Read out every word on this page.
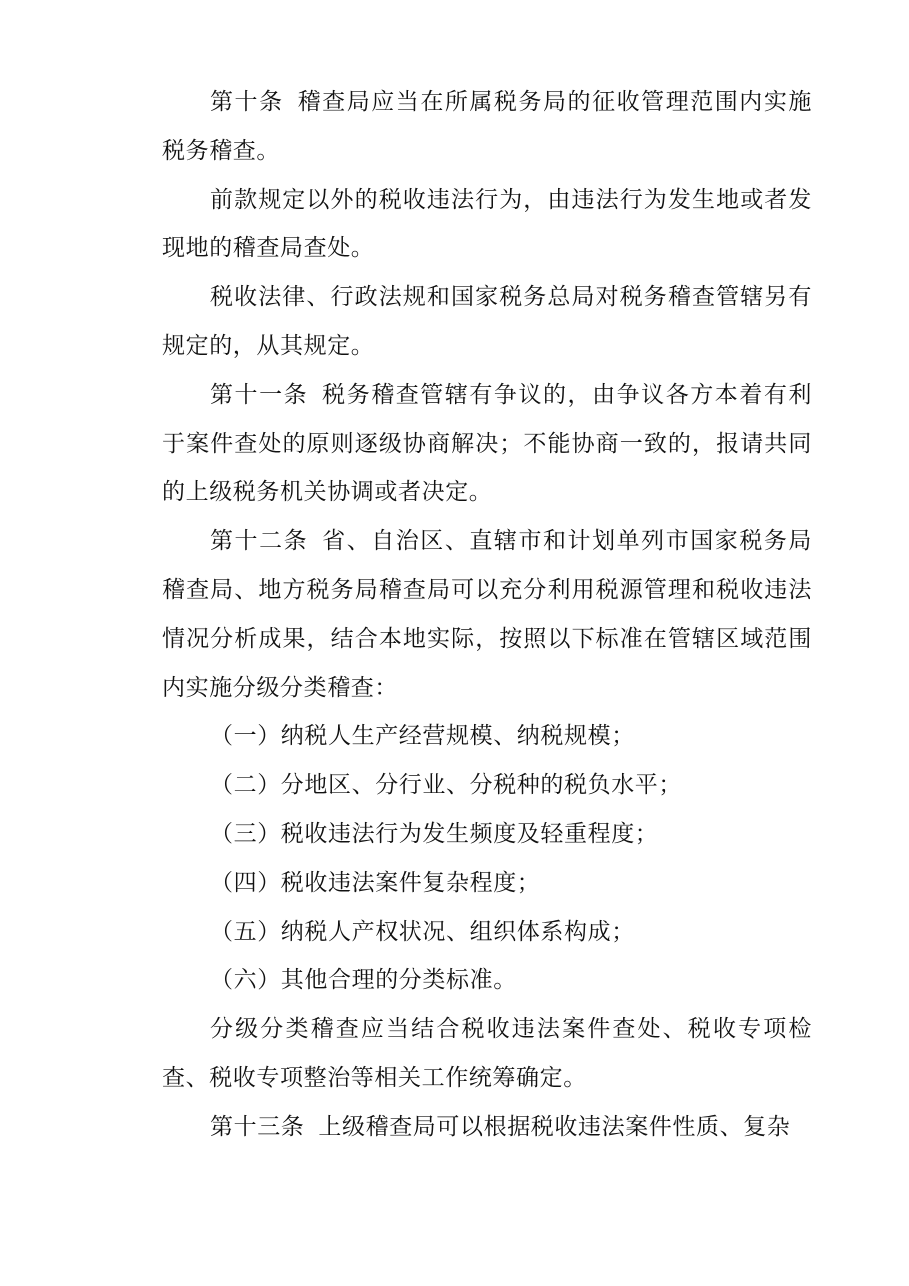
第十条 稽查局应当在所属税务局的征收管理范围内实施税务稽查。

前款规定以外的税收违法行为，由违法行为发生地或者发现地的稽查局查处。

税收法律、行政法规和国家税务总局对税务稽查管辖另有规定的，从其规定。

第十一条 税务稽查管辖有争议的，由争议各方本着有利于案件查处的原则逐级协商解决；不能协商一致的，报请共同的上级税务机关协调或者决定。

第十二条 省、自治区、直辖市和计划单列市国家税务局稽查局、地方税务局稽查局可以充分利用税源管理和税收违法情况分析成果，结合本地实际，按照以下标准在管辖区域范围内实施分级分类稽查：

（一）纳税人生产经营规模、纳税规模；

（二）分地区、分行业、分税种的税负水平；

（三）税收违法行为发生频度及轻重程度；

（四）税收违法案件复杂程度；

（五）纳税人产权状况、组织体系构成；

（六）其他合理的分类标准。

分级分类稽查应当结合税收违法案件查处、税收专项检查、税收专项整治等相关工作统筹确定。

第十三条 上级稽查局可以根据税收违法案件性质、复杂
